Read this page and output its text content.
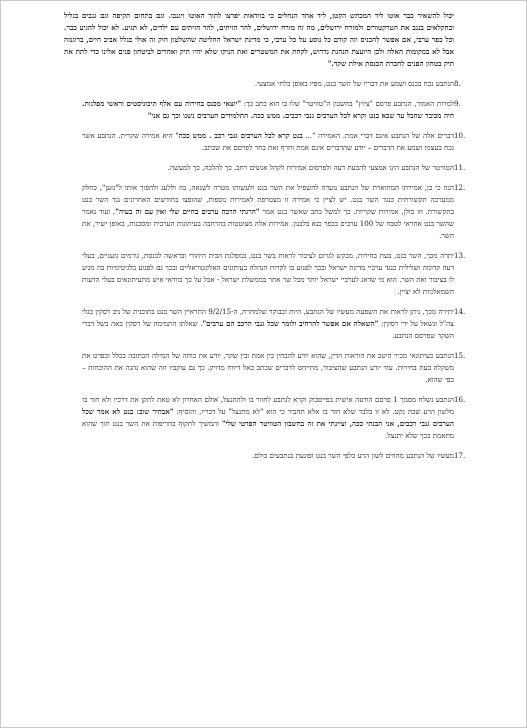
יכול להשאיר כבר אוטו ליד המכתש הקטן, ליד אחד הנחלים כי בוודאות יפרצו לתוך האוטו ויגנבו. וגם בתחום תקיפה וגם גנבים בגליל ובחקלאים בנגב את הטרקטורים ולמזרח ירושלים, מה זה מזרח ירושלים, להר הזיתים, להר הזיתים עם ילדים, לא תגיע. לא יכול להגיע כבר. וכל כפר ערבי, אם אפשר להכניס וזה קודם כל נוסע על כל ערבי, כי מדינת ישראל החליטה שהשלטון חוק זה אולי בגלל אביב חיים, ברוגנזה אבל לא במקומות האלה ולכן היועצת הנהגת נדרוש, לקחת את המשטרים ואת הניקו שלא יהיו תיק ואחרים לביטחון פנים אלינו כדי לתת את תיק בטחון הפנים לחברת הכנסת אילת שקד."
8.
הנתבע נכח בכנס ושמע את דבריו של השר בנט, מפיו באופן בלתי אמצעי.
9.
למרות האמור, הנתבע פרסם "ציוץ" בחשבון ה"טוויטר" שלו בו הוא כתב כך: "יוצאי מכנס בחירות עם אלף תיכוניסטים וראשי מפלגות. היה מכובד שהכל עד שבא בנט וקרא לכל הערבים גנבי רכבים. ממש ככה. התלמידים הערבים נשנו וכך גם אני"
10.
דברים אלה של הנתבע אינם דברי אמת. האמירה "... בנט קרא לכל הערבים גנבי רכב . ממש ככה" היא אמירה שקרית. הנתבע אשר נכח בעצמו ושמע את הדברים – יודע שהדברים אינם אמת וחרף זאת בחר לפרסם את שכתב.
11.
הטוויטר של הנתבע הינו אמצעי להבעת דעה ולפרסום אמירות לקהל אנשים רחב. כך להלכה, כך למעשה.
12.
הנה כי כן, אמירתו המתוארת של הנתבע נועדה להשפיל את השר בנט ולעשותו מטרה לשנאה, בוז וללעג ולהפוך אותו ל"גזען", כחלק ממערכה תקשורתית כנגד השר בנט. יש לציין כי אמירה זו מצטרפת לאמירות נוספות, שהופצו בחודשים האחרונים נגד השר בנט בתקשורת. וזו כולן, אמירות שקריות. כך למשל כתב שאשר בנט אמר "הרגתי הרבה ערבים בחיים שלי ואין עם זה בעיה", ועוד נאמר שהשר בנט אחראי לטבח של 100 ערבים בכפר כנא בלבנון. אמירות אלה מצוטטות בהרחבה בעיתונות הערבית ומסכנות, באופן ישיר, את השר.
13.
יתרה מכך, השר בנט, בעת בחירות, מבקש לגרום לציבור לראות בשר בנט, במפלגת הבית היהודי ובראשה לכנסת, גורמים גזעניים, בעלי דעה קדומה ושלילית כנגד ערביי מדינת ישראל ובכך לפגוע בו לקרות הנהלה בעיתונים האלקטוראליים ובכך גם לפגוע בלגיטימיות בה מגיע לו בציבור ואת השר. הוא מי שדאג לערביי ישראל יותר מכל שר אחר בממשלת ישראל - אבל על כך בוודאי איש מתעיתונאים בעלי הדעות השמאלניות לא יציין.
14.
יתירה מכך, ניתן לראות את השפעת מעשיו של הנתבע, היות ובבוקר שלמחרת, ה-9/2/15 התראיין השר בנט בתוכנית של ניב רסקין בגלי צה"ל ונשאל על ידי רסקין: "השאלה אם אפשר להרחיב ולומר שכל גנבי הרכב הם ערבים". שאלתו התמימה של רסקין באה בשל דברי השקר שפרסם הנתבע.
15.
הנתבע כעיתונאי מכיר היטב את הוראות הדין, שהוא יודע להבחין בין אמת ובין שקר, יודע את כוחה של המילה הכתובה בכלל ובפרט את משקלה בעת בחירות. עוד יודע הנתבע שהציבור, מתייחס לדברים שכתב כאל דיווח מדויק. כך גם עוקביו וזה שהוא נהגה את ההוכחות – כפי שהוא.
16.
הנתבע נשלח מסמך 1 פרסם הודעה אישית בפייסבוק וקרא לנתבע לחזור בו ולהתנצל, אולם האחרון לא טאת לתקן את דרכיו ולא חזר בו מלשון הרע שבה נקט. לא זו בלבד שלא חזר בו אלא תהביר כי הוא "לא מתנצל" על דבריו, והוסיף: "אבהיר שוב: בנט לא אמר שכל הערבים גנבי רכבים, אני הבנתי ככה, וציינתי את זה בחשבון הטוויטר הפרטי שלי" והמשיך לתקוף בחריפות את השר בנט תוך שהוא מתאמת בכך שלא יתנצל.
17.
מעשיו של הנתבע מהווים לשון הרע כלפי השר בנט ופוגעת בנתבעים כולם.
